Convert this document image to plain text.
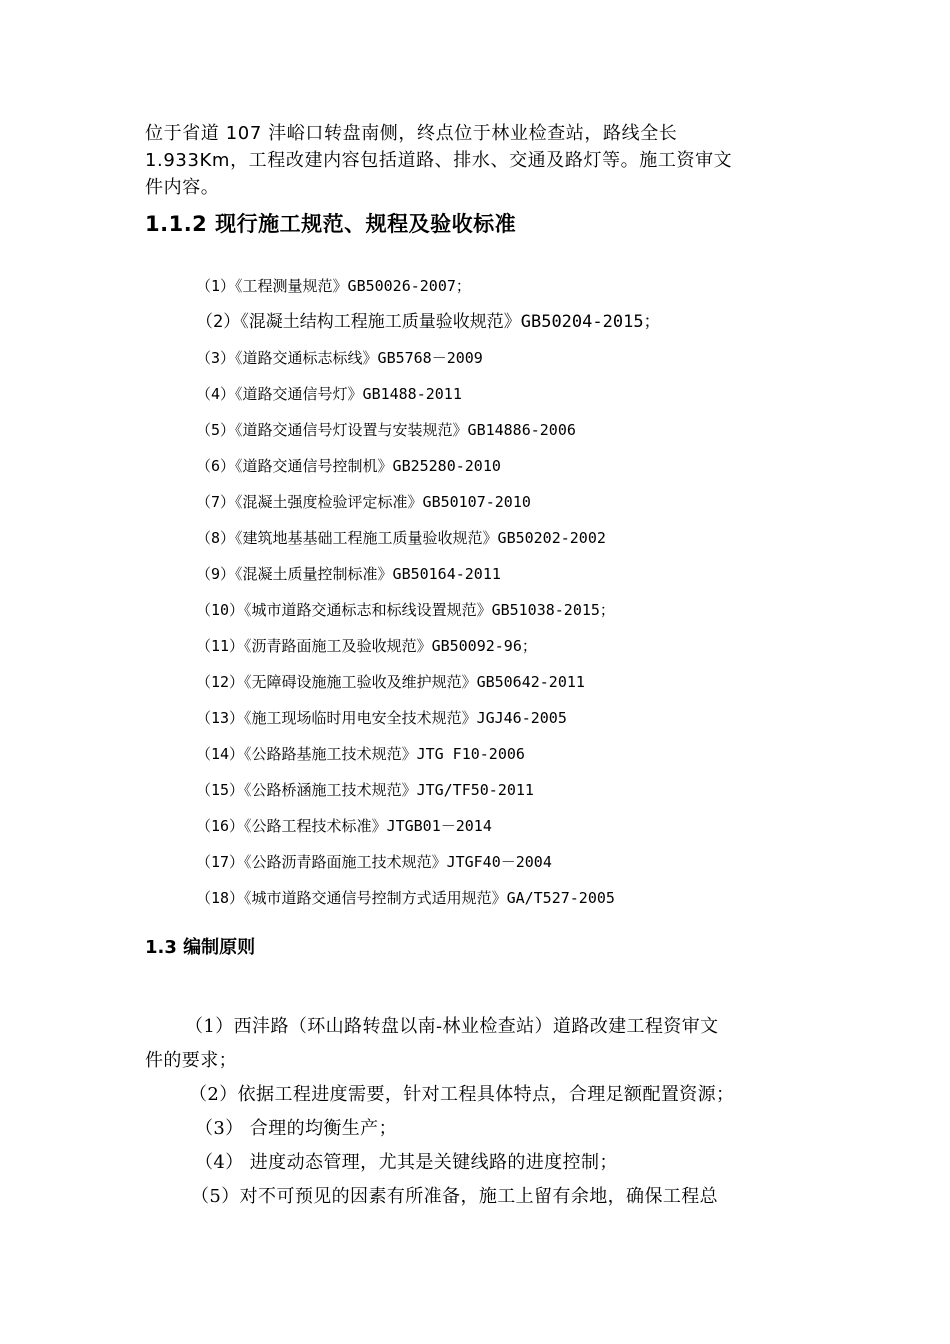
位于省道 107 沣峪口转盘南侧，终点位于林业检查站，路线全长
1.933Km，工程改建内容包括道路、排水、交通及路灯等。施工资审文
件内容。

1.1.2 现行施工规范、规程及验收标准
（1）《工程测量规范》GB50026-2007；
（2）《混凝土结构工程施工质量验收规范》GB50204-2015；
（3）《道路交通标志标线》GB5768－2009
（4）《道路交通信号灯》GB1488-2011
（5）《道路交通信号灯设置与安装规范》GB14886-2006
（6）《道路交通信号控制机》GB25280-2010
（7）《混凝土强度检验评定标准》GB50107-2010
（8）《建筑地基基础工程施工质量验收规范》GB50202-2002
（9）《混凝土质量控制标准》GB50164-2011
（10）《城市道路交通标志和标线设置规范》GB51038-2015；
（11）《沥青路面施工及验收规范》GB50092-96；
（12）《无障碍设施施工验收及维护规范》GB50642-2011
（13）《施工现场临时用电安全技术规范》JGJ46-2005
（14）《公路路基施工技术规范》JTG F10-2006
（15）《公路桥涵施工技术规范》JTG/TF50-2011
（16）《公路工程技术标准》JTGB01－2014
（17）《公路沥青路面施工技术规范》JTGF40－2004
（18）《城市道路交通信号控制方式适用规范》GA/T527-2005
1.3 编制原则

（1）西沣路（环山路转盘以南-林业检查站）道路改建工程资审文

件的要求；

（2）依据工程进度需要，针对工程具体特点，合理足额配置资源；

（3） 合理的均衡生产；

（4） 进度动态管理，尤其是关键线路的进度控制；

（5）对不可预见的因素有所准备，施工上留有余地，确保工程总
